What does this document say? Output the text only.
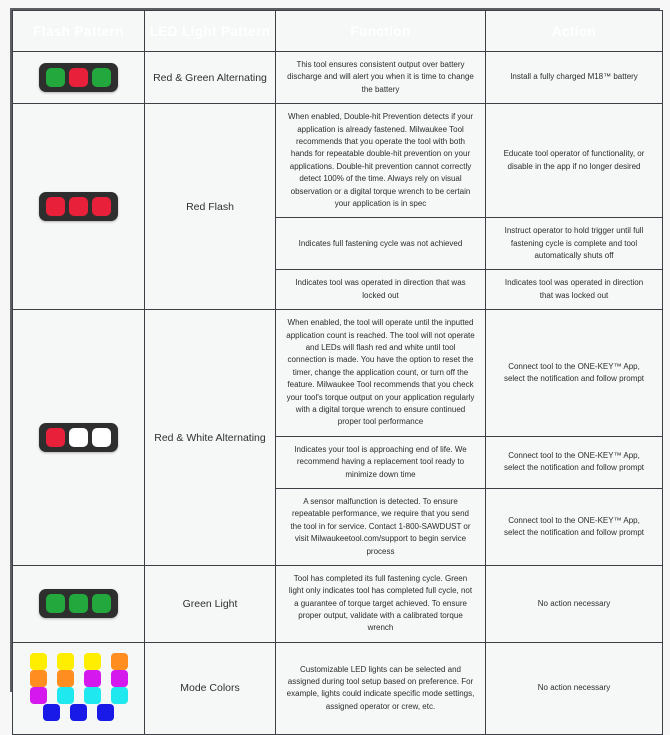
Flash Pattern	LED Light Pattern	Function	Action
	Red & Green Alternating	This tool ensures consistent output over battery discharge and will alert you when it is time to change the battery	Install a fully charged M18™ battery
	Red Flash	When enabled, Double-hit Prevention detects if your application is already fastened. Milwaukee Tool recommends that you operate the tool with both hands for repeatable double-hit prevention on your applications. Double-hit prevention cannot correctly detect 100% of the time. Always rely on visual observation or a digital torque wrench to be certain your application is in spec	Educate tool operator of functionality, or disable in the app if no longer desired
		Indicates full fastening cycle was not achieved	Instruct operator to hold trigger until full fastening cycle is complete and tool automatically shuts off
		Indicates tool was operated in direction that was locked out	Indicates tool was operated in direction that was locked out
	Red & White Alternating	When enabled, the tool will operate until the inputted application count is reached. The tool will not operate and LEDs will flash red and white until tool connection is made. You have the option to reset the timer, change the application count, or turn off the feature. Milwaukee Tool recommends that you check your tool's torque output on your application regularly with a digital torque wrench to ensure continued proper tool performance	Connect tool to the ONE-KEY™ App, select the notification and follow prompt
		Indicates your tool is approaching end of life. We recommend having a replacement tool ready to minimize down time	Connect tool to the ONE-KEY™ App, select the notification and follow prompt
		A sensor malfunction is detected. To ensure repeatable performance, we require that you send the tool in for service. Contact 1-800-SAWDUST or visit Milwaukeetool.com/support to begin service process	Connect tool to the ONE-KEY™ App, select the notification and follow prompt
	Green Light	Tool has completed its full fastening cycle. Green light only indicates tool has completed full cycle, not a guarantee of torque target achieved. To ensure proper output, validate with a calibrated torque wrench	No action necessary
	Mode Colors	Customizable LED lights can be selected and assigned during tool setup based on preference. For example, lights could indicate specific mode settings, assigned operator or crew, etc.	No action necessary
